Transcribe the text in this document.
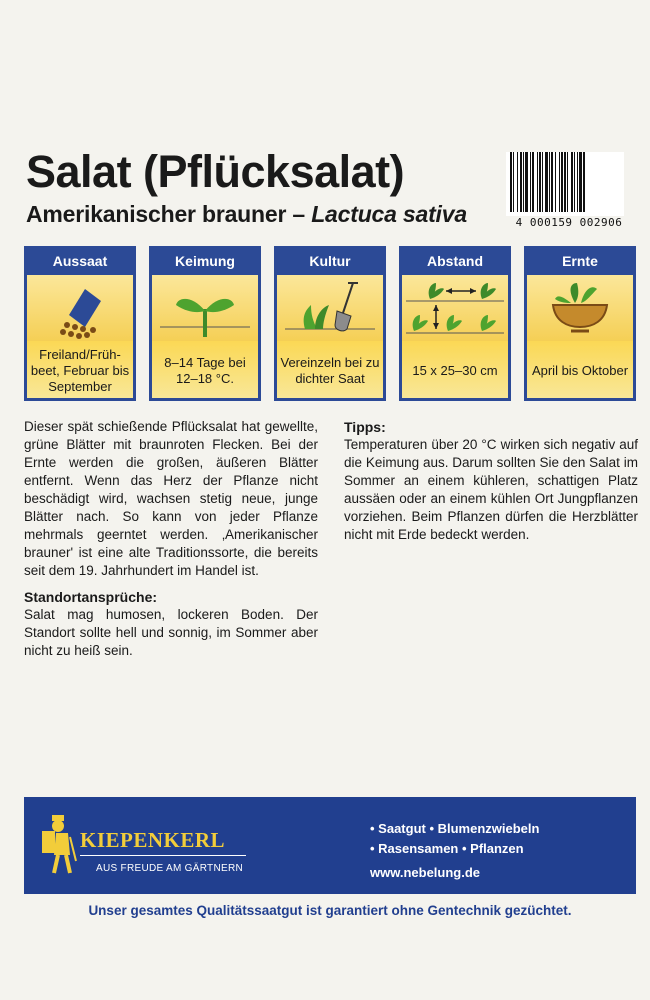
Salat (Pflücksalat)
Amerikanischer brauner – Lactuca sativa	4 000159 002906
Aussaat
Freiland/Früh-beet, Februar bis September
Keimung
8–14 Tage bei 12–18 °C.
Kultur
Vereinzeln bei zu dichter Saat
Abstand
15 x 25–30 cm
Ernte
April bis Oktober

Dieser spät schießende Pflücksalat hat gewellte, grüne Blätter mit braunroten Flecken. Bei der Ernte werden die großen, äußeren Blätter entfernt. Wenn das Herz der Pflanze nicht beschädigt wird, wachsen stetig neue, junge Blätter nach. So kann von jeder Pflanze mehrmals geerntet werden. ‚Amerikanischer brauner' ist eine alte Traditionssorte, die bereits seit dem 19. Jahrhundert im Handel ist.

Standortansprüche:

Salat mag humosen, lockeren Boden. Der Standort sollte hell und sonnig, im Sommer aber nicht zu heiß sein.

Tipps:

Temperaturen über 20 °C wirken sich negativ auf die Keimung aus. Darum sollten Sie den Salat im Sommer an einem kühleren, schattigen Platz aussäen oder an einem kühlen Ort Jungpflanzen vorziehen. Beim Pflanzen dürfen die Herzblätter nicht mit Erde bedeckt werden.

KIEPENKERL
AUS FREUDE AM GÄRTNERN
• Saatgut • Blumenzwiebeln
• Rasensamen • Pflanzen
www.nebelung.de
Unser gesamtes Qualitätssaatgut ist garantiert ohne Gentechnik gezüchtet.
